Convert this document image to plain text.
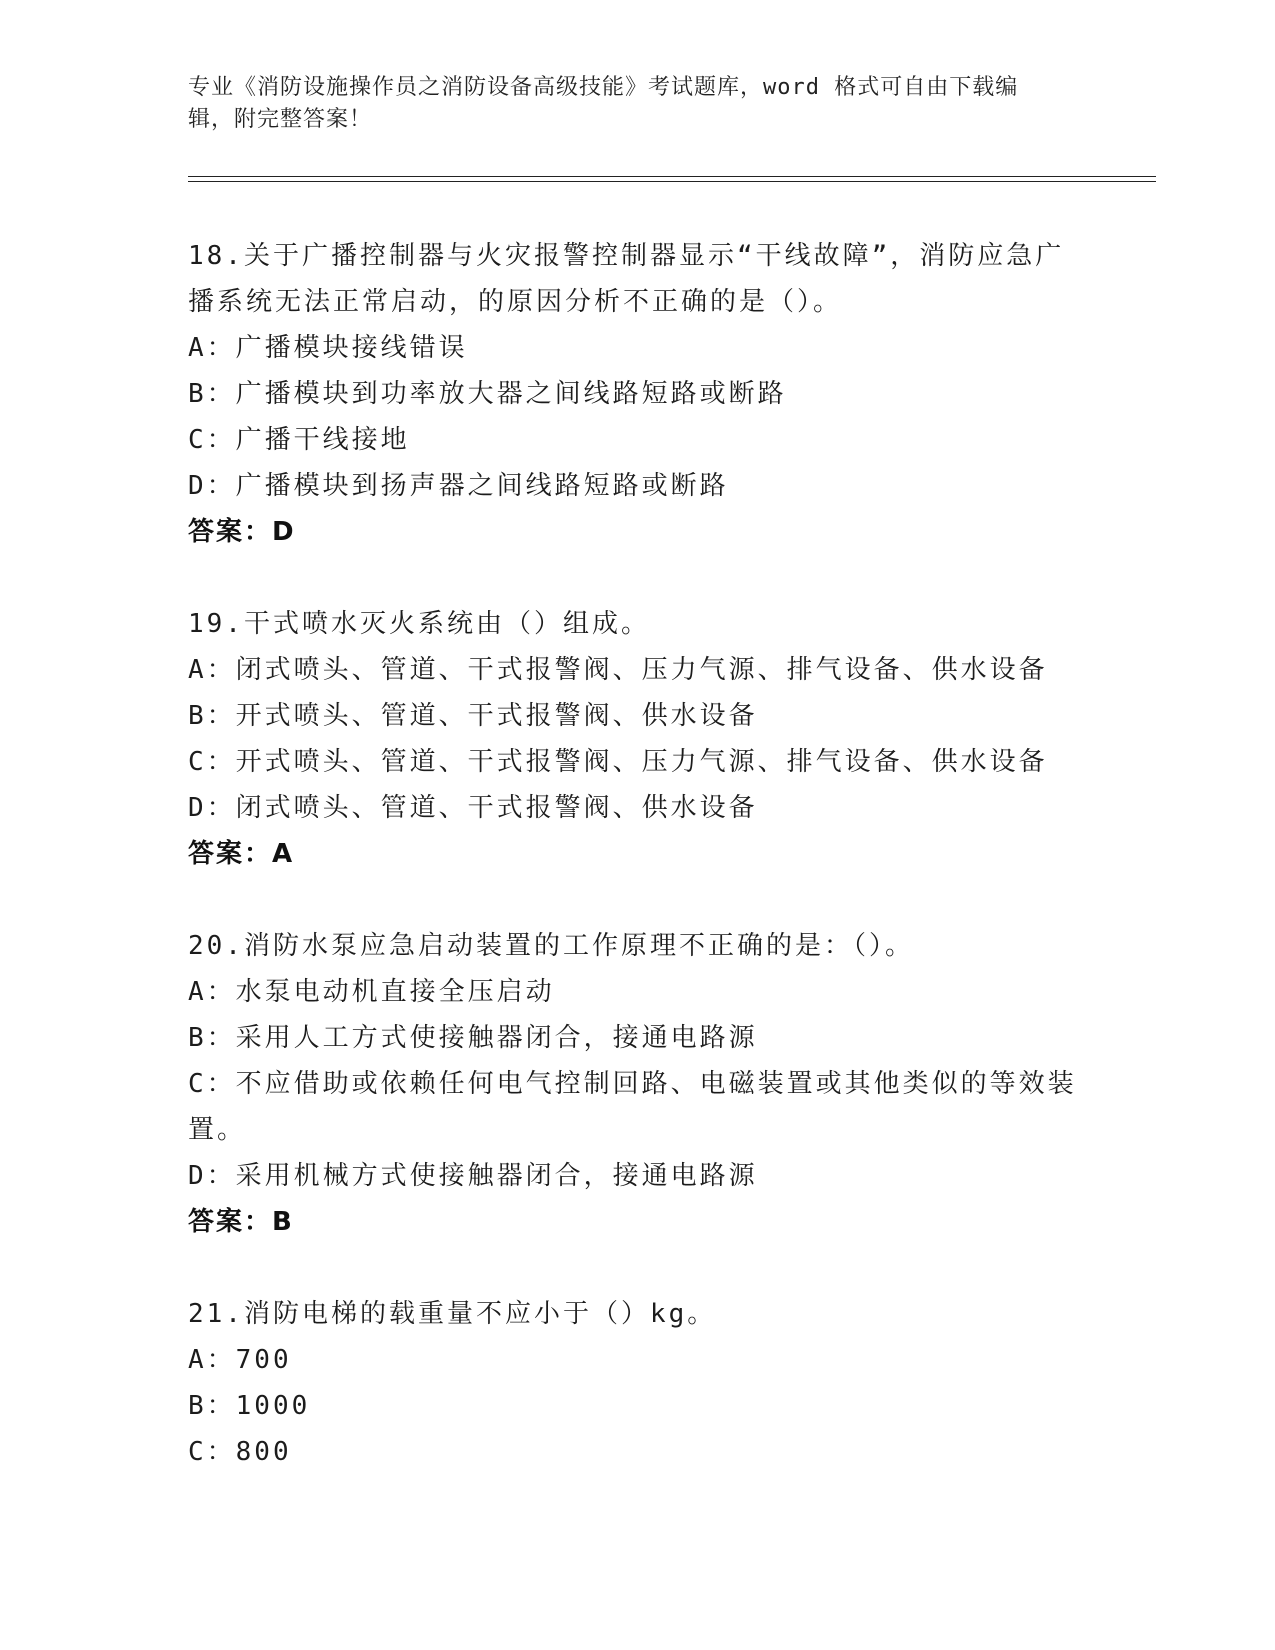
专业《消防设施操作员之消防设备高级技能》考试题库，word 格式可自由下载编
辑，附完整答案！
18.关于广播控制器与火灾报警控制器显示“干线故障”，消防应急广
播系统无法正常启动，的原因分析不正确的是（）。
A：广播模块接线错误
B：广播模块到功率放大器之间线路短路或断路
C：广播干线接地
D：广播模块到扬声器之间线路短路或断路
答案：D
19.干式喷水灭火系统由（）组成。
A：闭式喷头、管道、干式报警阀、压力气源、排气设备、供水设备
B：开式喷头、管道、干式报警阀、供水设备
C：开式喷头、管道、干式报警阀、压力气源、排气设备、供水设备
D：闭式喷头、管道、干式报警阀、供水设备
答案：A
20.消防水泵应急启动装置的工作原理不正确的是：（）。
A：水泵电动机直接全压启动
B：采用人工方式使接触器闭合，接通电路源
C：不应借助或依赖任何电气控制回路、电磁装置或其他类似的等效装
置。
D：采用机械方式使接触器闭合，接通电路源
答案：B
21.消防电梯的载重量不应小于（）kg。
A：700
B：1000
C：800
